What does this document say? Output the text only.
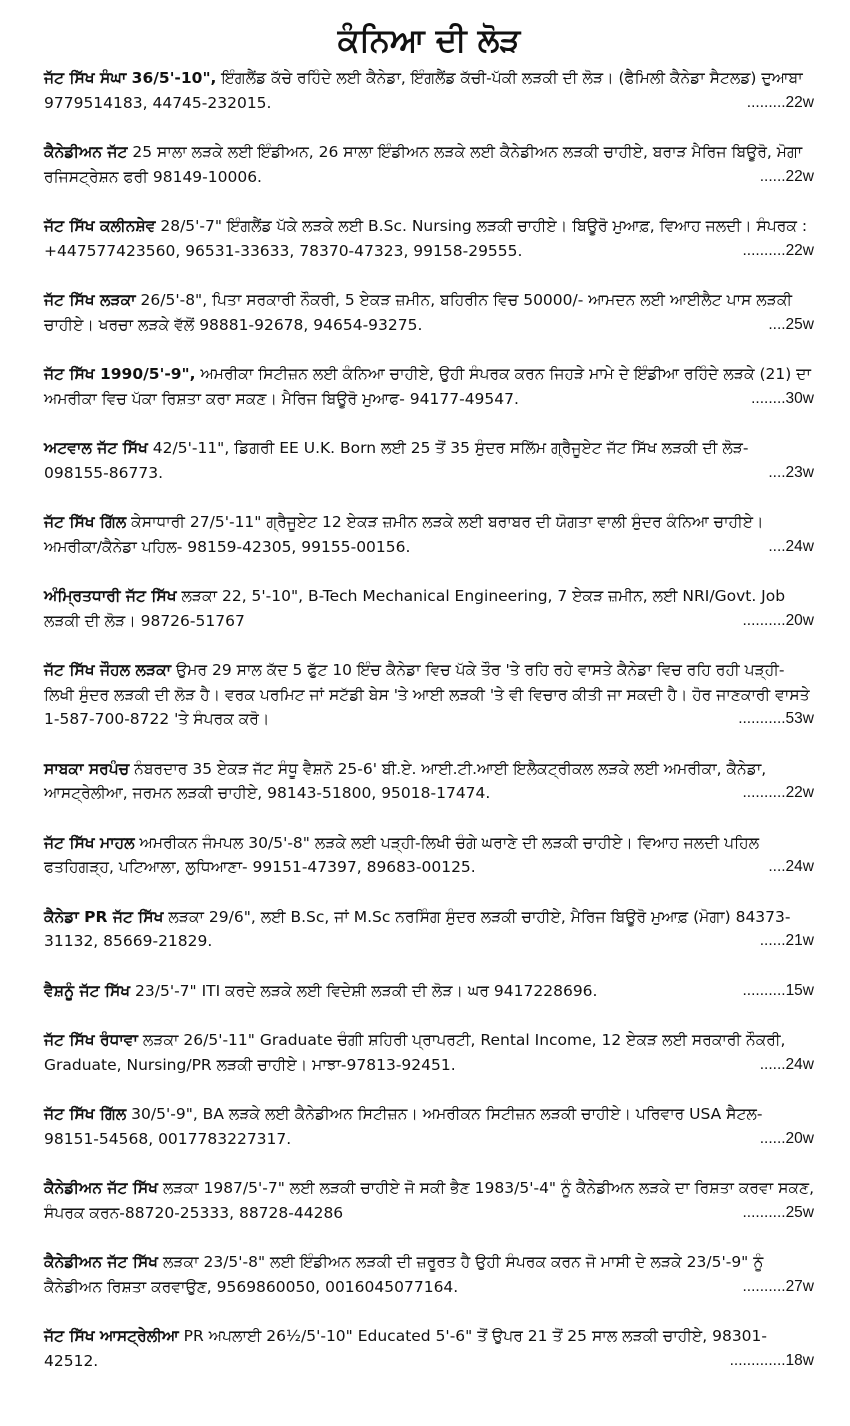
ਕੰਨਿਆ ਦੀ ਲੋੜ

ਜੱਟ ਸਿੱਖ ਸੰਘਾ 36/5'-10", ਇੰਗਲੈਂਡ ਕੱਚੇ ਰਹਿੰਦੇ ਲਈ ਕੈਨੇਡਾ, ਇੰਗਲੈਂਡ ਕੱਚੀ-ਪੱਕੀ ਲੜਕੀ ਦੀ ਲੋੜ। (ਫੈਮਿਲੀ ਕੈਨੇਡਾ ਸੈਟਲਡ) ਦੁਆਬਾ 9779514183, 44745-232015.	.........22w

ਕੈਨੇਡੀਅਨ ਜੱਟ 25 ਸਾਲਾ ਲੜਕੇ ਲਈ ਇੰਡੀਅਨ, 26 ਸਾਲਾ ਇੰਡੀਅਨ ਲੜਕੇ ਲਈ ਕੈਨੇਡੀਅਨ ਲੜਕੀ ਚਾਹੀਏ, ਬਰਾੜ ਮੈਰਿਜ ਬਿਊਰੋ, ਮੋਗਾ ਰਜਿਸਟ੍ਰੇਸ਼ਨ ਫਰੀ 98149-10006.	......22w

ਜੱਟ ਸਿੱਖ ਕਲੀਨਸ਼ੇਵ 28/5'-7" ਇੰਗਲੈਂਡ ਪੱਕੇ ਲੜਕੇ ਲਈ B.Sc. Nursing ਲੜਕੀ ਚਾਹੀਏ। ਬਿਊਰੋ ਮੁਆਫ਼, ਵਿਆਹ ਜਲਦੀ। ਸੰਪਰਕ : +447577423560, 96531-33633, 78370-47323, 99158-29555.	..........22w

ਜੱਟ ਸਿੱਖ ਲੜਕਾ 26/5'-8", ਪਿਤਾ ਸਰਕਾਰੀ ਨੌਕਰੀ, 5 ਏਕੜ ਜ਼ਮੀਨ, ਬਹਿਰੀਨ ਵਿਚ 50000/- ਆਮਦਨ ਲਈ ਆਈਲੈਟ ਪਾਸ ਲੜਕੀ ਚਾਹੀਏ। ਖਰਚਾ ਲੜਕੇ ਵੱਲੋਂ 98881-92678, 94654-93275.	....25w

ਜੱਟ ਸਿੱਖ 1990/5'-9", ਅਮਰੀਕਾ ਸਿਟੀਜ਼ਨ ਲਈ ਕੰਨਿਆ ਚਾਹੀਏ, ਉਹੀ ਸੰਪਰਕ ਕਰਨ ਜਿਹੜੇ ਮਾਮੇ ਦੇ ਇੰਡੀਆ ਰਹਿੰਦੇ ਲੜਕੇ (21) ਦਾ ਅਮਰੀਕਾ ਵਿਚ ਪੱਕਾ ਰਿਸ਼ਤਾ ਕਰਾ ਸਕਣ। ਮੈਰਿਜ ਬਿਊਰੋ ਮੁਆਫ- 94177-49547.	........30w

ਅਟਵਾਲ ਜੱਟ ਸਿੱਖ 42/5'-11", ਡਿਗਰੀ EE U.K. Born ਲਈ 25 ਤੋਂ 35 ਸੁੰਦਰ ਸਲਿੱਮ ਗ੍ਰੈਜੂਏਟ ਜੱਟ ਸਿੱਖ ਲੜਕੀ ਦੀ ਲੋੜ- 098155-86773.	....23w

ਜੱਟ ਸਿੱਖ ਗਿੱਲ ਕੇਸਾਧਾਰੀ 27/5'-11" ਗ੍ਰੈਜੂਏਟ 12 ਏਕੜ ਜ਼ਮੀਨ ਲੜਕੇ ਲਈ ਬਰਾਬਰ ਦੀ ਯੋਗਤਾ ਵਾਲੀ ਸੁੰਦਰ ਕੰਨਿਆ ਚਾਹੀਏ। ਅਮਰੀਕਾ/ਕੈਨੇਡਾ ਪਹਿਲ- 98159-42305, 99155-00156.	....24w

ਅੰਮ੍ਰਿਤਧਾਰੀ ਜੱਟ ਸਿੱਖ ਲੜਕਾ 22, 5'-10", B-Tech Mechanical Engineering, 7 ਏਕੜ ਜ਼ਮੀਨ, ਲਈ NRI/Govt. Job ਲੜਕੀ ਦੀ ਲੋੜ। 98726-51767	..........20w

ਜੱਟ ਸਿੱਖ ਜੌਹਲ ਲੜਕਾ ਉਮਰ 29 ਸਾਲ ਕੱਦ 5 ਫੁੱਟ 10 ਇੰਚ ਕੈਨੇਡਾ ਵਿਚ ਪੱਕੇ ਤੌਰ 'ਤੇ ਰਹਿ ਰਹੇ ਵਾਸਤੇ ਕੈਨੇਡਾ ਵਿਚ ਰਹਿ ਰਹੀ ਪੜ੍ਹੀ-ਲਿਖੀ ਸੁੰਦਰ ਲੜਕੀ ਦੀ ਲੋੜ ਹੈ। ਵਰਕ ਪਰਮਿਟ ਜਾਂ ਸਟੱਡੀ ਬੇਸ 'ਤੇ ਆਈ ਲੜਕੀ 'ਤੇ ਵੀ ਵਿਚਾਰ ਕੀਤੀ ਜਾ ਸਕਦੀ ਹੈ। ਹੋਰ ਜਾਣਕਾਰੀ ਵਾਸਤੇ 1-587-700-8722 'ਤੇ ਸੰਪਰਕ ਕਰੋ।	...........53w

ਸਾਬਕਾ ਸਰਪੰਚ ਨੰਬਰਦਾਰ 35 ਏਕੜ ਜੱਟ ਸੰਧੂ ਵੈਸ਼ਨੋ 25-6' ਬੀ.ਏ. ਆਈ.ਟੀ.ਆਈ ਇਲੈਕਟ੍ਰੀਕਲ ਲੜਕੇ ਲਈ ਅਮਰੀਕਾ, ਕੈਨੇਡਾ, ਆਸਟ੍ਰੇਲੀਆ, ਜਰਮਨ ਲੜਕੀ ਚਾਹੀਏ, 98143-51800, 95018-17474.	..........22w

ਜੱਟ ਸਿੱਖ ਮਾਹਲ ਅਮਰੀਕਨ ਜੰਮਪਲ 30/5'-8" ਲੜਕੇ ਲਈ ਪੜ੍ਹੀ-ਲਿਖੀ ਚੰਗੇ ਘਰਾਣੇ ਦੀ ਲੜਕੀ ਚਾਹੀਏ। ਵਿਆਹ ਜਲਦੀ ਪਹਿਲ ਫਤਹਿਗੜ੍ਹ, ਪਟਿਆਲਾ, ਲੁਧਿਆਣਾ- 99151-47397, 89683-00125.	....24w

ਕੈਨੇਡਾ PR ਜੱਟ ਸਿੱਖ ਲੜਕਾ 29/6", ਲਈ B.Sc, ਜਾਂ M.Sc ਨਰਸਿੰਗ ਸੁੰਦਰ ਲੜਕੀ ਚਾਹੀਏ, ਮੈਰਿਜ ਬਿਊਰੋ ਮੁਆਫ਼ (ਮੋਗਾ) 84373-31132, 85669-21829.	......21w

ਵੈਸ਼ਨੂੰ ਜੱਟ ਸਿੱਖ 23/5'-7" ITI ਕਰਦੇ ਲੜਕੇ ਲਈ ਵਿਦੇਸ਼ੀ ਲੜਕੀ ਦੀ ਲੋੜ। ਘਰ 9417228696.	..........15w

ਜੱਟ ਸਿੱਖ ਰੰਧਾਵਾ ਲੜਕਾ 26/5'-11" Graduate ਚੰਗੀ ਸ਼ਹਿਰੀ ਪ੍ਰਾਪਰਟੀ, Rental Income, 12 ਏਕੜ ਲਈ ਸਰਕਾਰੀ ਨੌਕਰੀ, Graduate, Nursing/PR ਲੜਕੀ ਚਾਹੀਏ। ਮਾਝਾ-97813-92451.	......24w

ਜੱਟ ਸਿੱਖ ਗਿੱਲ 30/5'-9", BA ਲੜਕੇ ਲਈ ਕੈਨੇਡੀਅਨ ਸਿਟੀਜ਼ਨ। ਅਮਰੀਕਨ ਸਿਟੀਜ਼ਨ ਲੜਕੀ ਚਾਹੀਏ। ਪਰਿਵਾਰ USA ਸੈਟਲ- 98151-54568, 0017783227317.	......20w

ਕੈਨੇਡੀਅਨ ਜੱਟ ਸਿੱਖ ਲੜਕਾ 1987/5'-7" ਲਈ ਲੜਕੀ ਚਾਹੀਏ ਜੋ ਸਕੀ ਭੈਣ 1983/5'-4" ਨੂੰ ਕੈਨੇਡੀਅਨ ਲੜਕੇ ਦਾ ਰਿਸ਼ਤਾ ਕਰਵਾ ਸਕਣ, ਸੰਪਰਕ ਕਰਨ-88720-25333, 88728-44286	..........25w

ਕੈਨੇਡੀਅਨ ਜੱਟ ਸਿੱਖ ਲੜਕਾ 23/5'-8" ਲਈ ਇੰਡੀਅਨ ਲੜਕੀ ਦੀ ਜ਼ਰੂਰਤ ਹੈ ਉਹੀ ਸੰਪਰਕ ਕਰਨ ਜੋ ਮਾਸੀ ਦੇ ਲੜਕੇ 23/5'-9" ਨੂੰ ਕੈਨੇਡੀਅਨ ਰਿਸ਼ਤਾ ਕਰਵਾਉਣ, 9569860050, 0016045077164.	..........27w

ਜੱਟ ਸਿੱਖ ਆਸਟ੍ਰੇਲੀਆ PR ਅਪਲਾਈ 26½/5'-10" Educated 5'-6" ਤੋਂ ਉਪਰ 21 ਤੋਂ 25 ਸਾਲ ਲੜਕੀ ਚਾਹੀਏ, 98301-42512.	.............18w
